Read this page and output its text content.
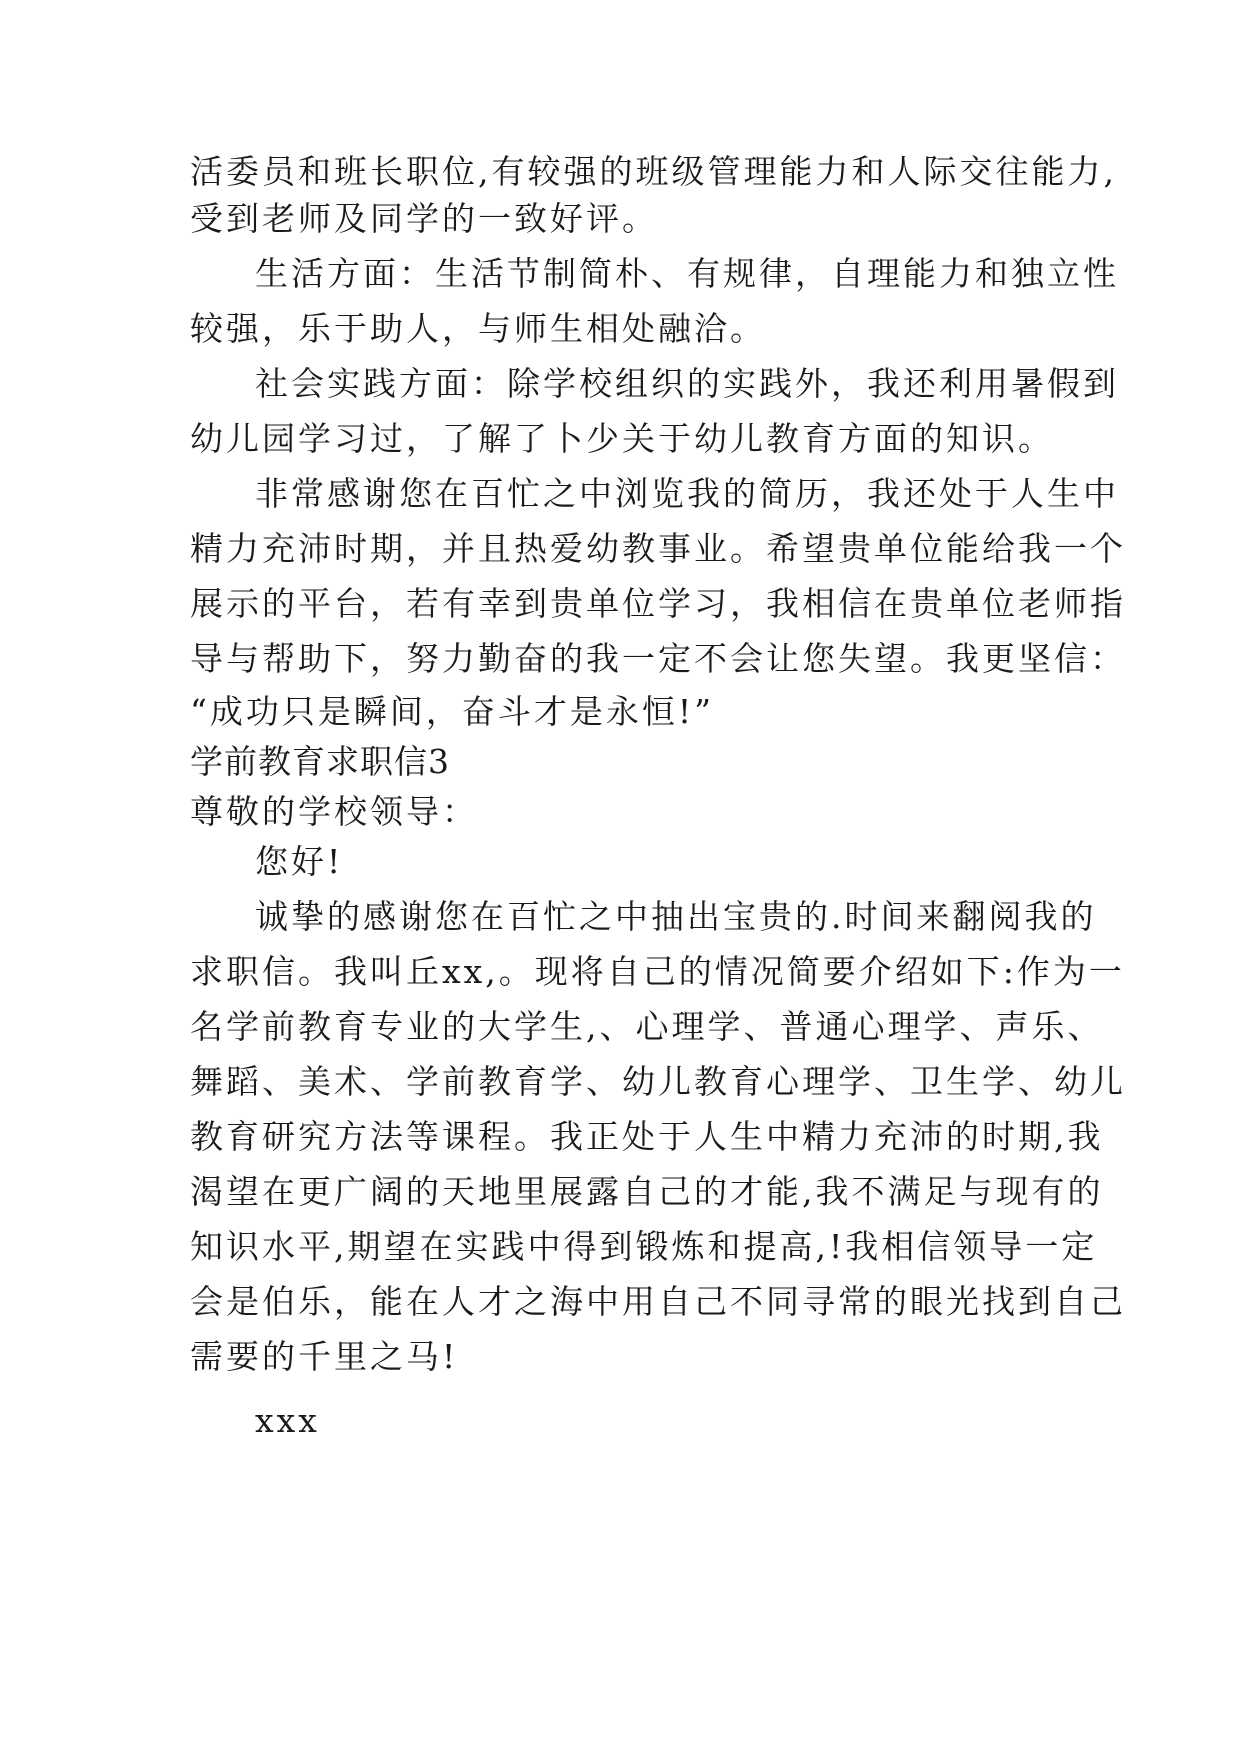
活委员和班长职位,有较强的班级管理能力和人际交往能力,
受到老师及同学的一致好评。
生活方面：生活节制简朴、有规律，自理能力和独立性
较强，乐于助人，与师生相处融洽。
社会实践方面：除学校组织的实践外，我还利用暑假到
幼儿园学习过，了解了卜少关于幼儿教育方面的知识。
非常感谢您在百忙之中浏览我的简历，我还处于人生中
精力充沛时期，并且热爱幼教事业。希望贵单位能给我一个
展示的平台，若有幸到贵单位学习，我相信在贵单位老师指
导与帮助下，努力勤奋的我一定不会让您失望。我更坚信：
“成功只是瞬间，奋斗才是永恒!”
学前教育求职信3
尊敬的学校领导：
您好!
诚挚的感谢您在百忙之中抽出宝贵的.时间来翻阅我的
求职信。我叫丘xx,。现将自己的情况简要介绍如下:作为一
名学前教育专业的大学生,、心理学、普通心理学、声乐、
舞蹈、美术、学前教育学、幼儿教育心理学、卫生学、幼儿
教育研究方法等课程。我正处于人生中精力充沛的时期,我
渴望在更广阔的天地里展露自己的才能,我不满足与现有的
知识水平,期望在实践中得到锻炼和提高,!我相信领导一定
会是伯乐，能在人才之海中用自己不同寻常的眼光找到自己
需要的千里之马!
xxx
